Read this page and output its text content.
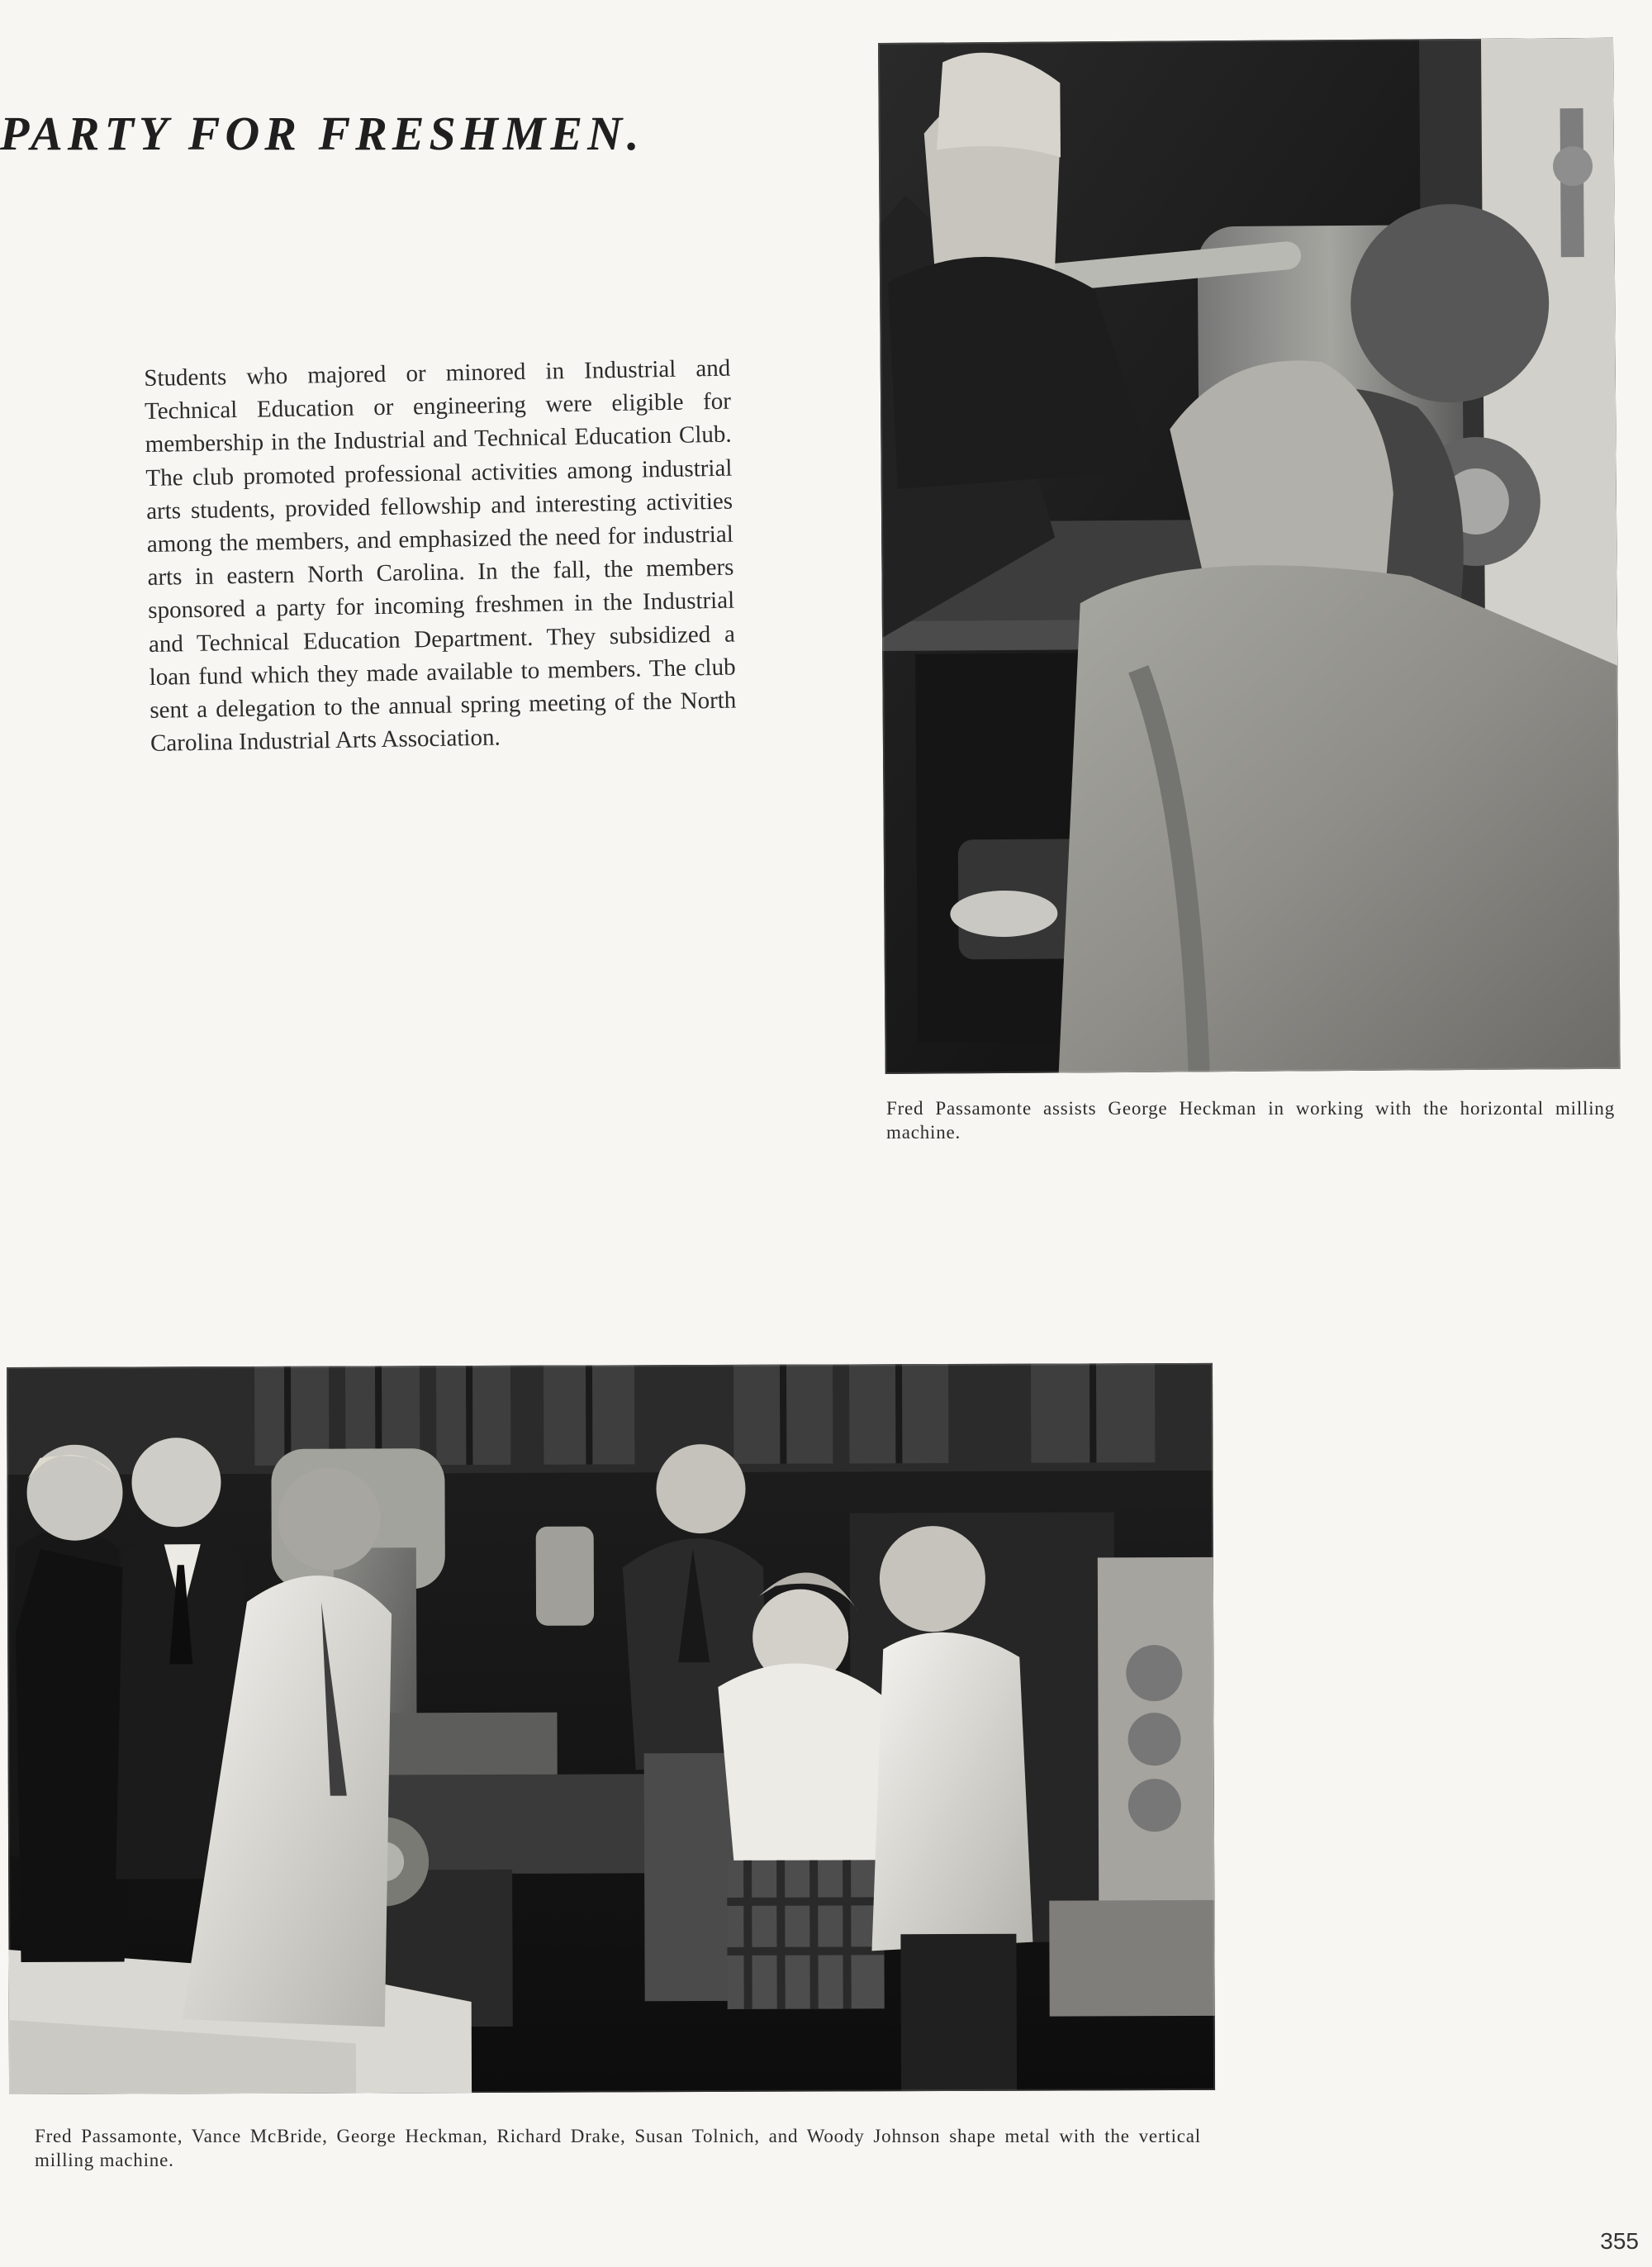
PARTY FOR FRESHMEN.

Students who majored or minored in Industrial and Technical Education or engineering were eligible for membership in the Industrial and Technical Education Club. The club promoted professional activities among industrial arts students, provided fellowship and interesting activities among the members, and emphasized the need for industrial arts in eastern North Carolina. In the fall, the members sponsored a party for incoming freshmen in the Industrial and Technical Education Department. They subsidized a loan fund which they made available to members. The club sent a delegation to the annual spring meeting of the North Carolina Industrial Arts Association.

Fred Passamonte assists George Heckman in working with the horizontal milling machine.

Fred Passamonte, Vance McBride, George Heckman, Richard Drake, Susan Tolnich, and Woody Johnson shape metal with the vertical milling machine.

355
